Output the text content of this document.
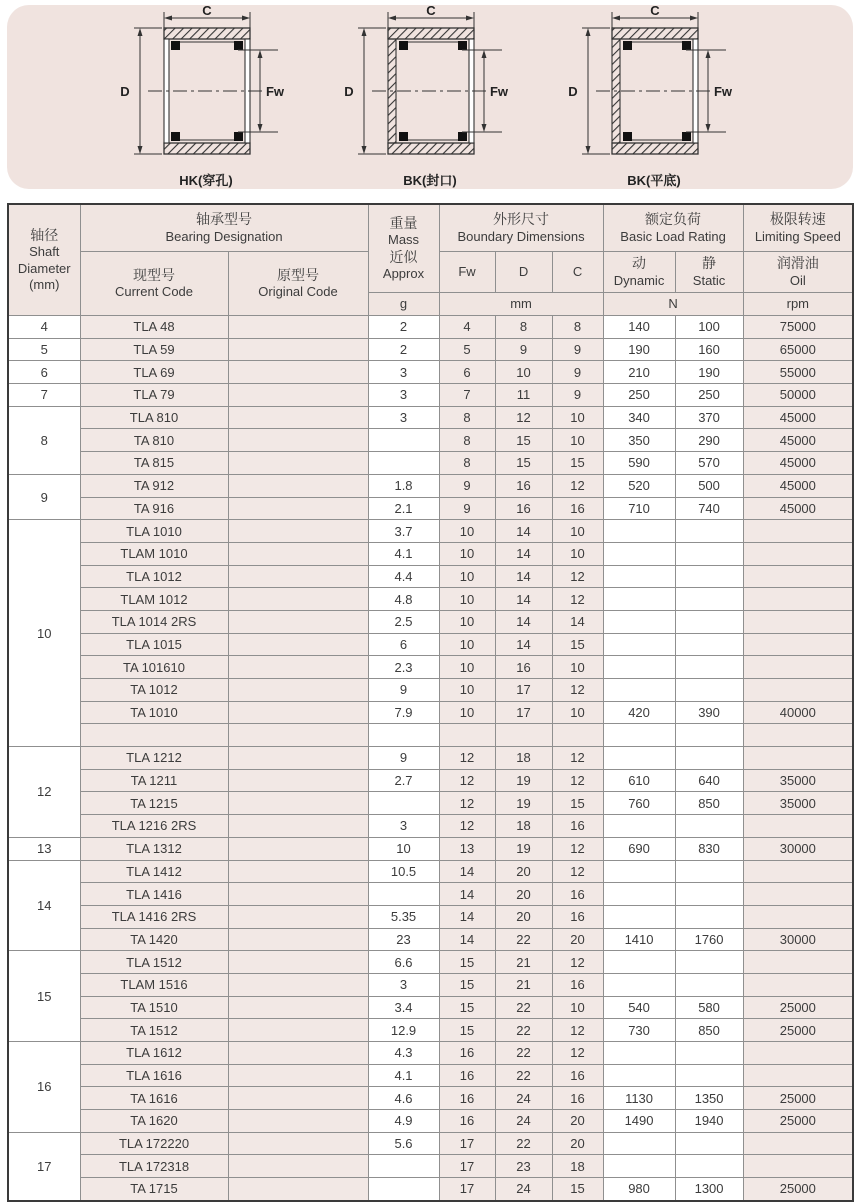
C
D	Fw
HK(穿孔)
C
D	Fw
BK(封口)
C
D	Fw
BK(平底)
轴径
Shaft
Diameter
(mm)	轴承型号
Bearing Designation		重量
Mass
近似
Approx	外形尺寸
Boundary Dimensions			额定负荷
Basic Load Rating		极限转速
Limiting Speed
	现型号
Current Code	原型号
Original Code		Fw	D	C	动
Dynamic	静
Static	润滑油
Oil
			g	mm			N		rpm
4	TLA 48		2	4	8	8	140	100	75000
5	TLA 59		2	5	9	9	190	160	65000
6	TLA 69		3	6	10	9	210	190	55000
7	TLA 79		3	7	11	9	250	250	50000
8	TLA 810		3	8	12	10	340	370	45000
	TA 810			8	15	10	350	290	45000
	TA 815			8	15	15	590	570	45000
9	TA 912		1.8	9	16	12	520	500	45000
	TA 916		2.1	9	16	16	710	740	45000
10	TLA 1010		3.7	10	14	10			
	TLAM 1010		4.1	10	14	10			
	TLA 1012		4.4	10	14	12			
	TLAM 1012		4.8	10	14	12			
	TLA 1014 2RS		2.5	10	14	14			
	TLA 1015		6	10	14	15			
	TA 101610		2.3	10	16	10			
	TA 1012		9	10	17	12			
	TA 1010		7.9	10	17	10	420	390	40000

12	TLA 1212		9	12	18	12			
	TA 1211		2.7	12	19	12	610	640	35000
	TA 1215			12	19	15	760	850	35000
	TLA 1216 2RS		3	12	18	16			
13	TLA 1312		10	13	19	12	690	830	30000
14	TLA 1412		10.5	14	20	12			
	TLA 1416			14	20	16			
	TLA 1416 2RS		5.35	14	20	16			
	TA 1420		23	14	22	20	1410	1760	30000
15	TLA 1512		6.6	15	21	12			
	TLAM 1516		3	15	21	16			
	TA 1510		3.4	15	22	10	540	580	25000
	TA 1512		12.9	15	22	12	730	850	25000
16	TLA 1612		4.3	16	22	12			
	TLA 1616		4.1	16	22	16			
	TA 1616		4.6	16	24	16	1130	1350	25000
	TA 1620		4.9	16	24	20	1490	1940	25000
17	TLA 172220		5.6	17	22	20			
	TLA 172318			17	23	18			
	TA 1715			17	24	15	980	1300	25000
